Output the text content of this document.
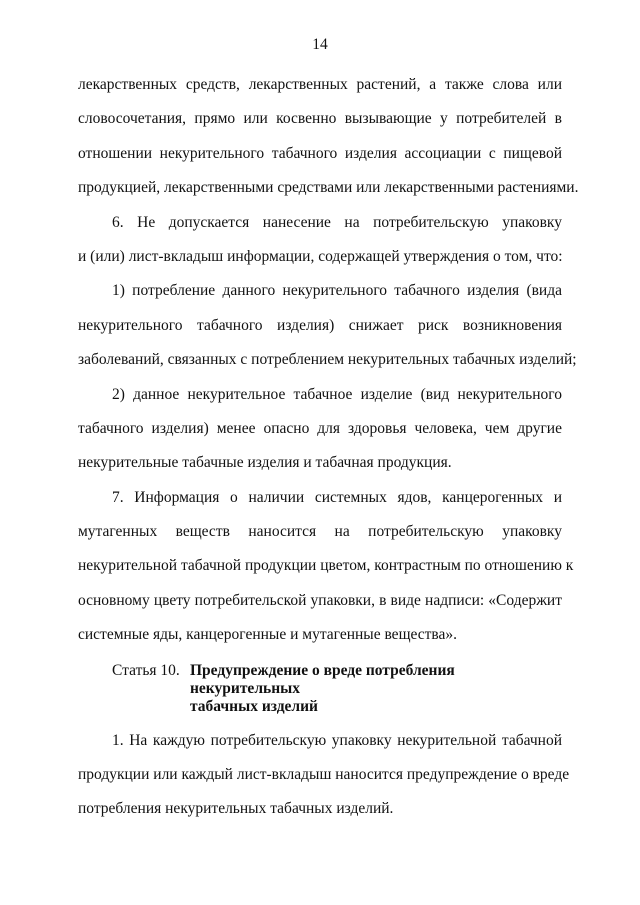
14
лекарственных средств, лекарственных растений, а также слова или
словосочетания, прямо или косвенно вызывающие у потребителей в
отношении некурительного табачного изделия ассоциации с пищевой
продукцией, лекарственными средствами или лекарственными растениями.
6. Не допускается нанесение на потребительскую упаковку
и (или) лист-вкладыш информации, содержащей утверждения о том, что:
1) потребление данного некурительного табачного изделия (вида
некурительного табачного изделия) снижает риск возникновения
заболеваний, связанных с потреблением некурительных табачных изделий;
2) данное некурительное табачное изделие (вид некурительного
табачного изделия) менее опасно для здоровья человека, чем другие
некурительные табачные изделия и табачная продукция.
7. Информация о наличии системных ядов, канцерогенных и
мутагенных веществ наносится на потребительскую упаковку
некурительной табачной продукции цветом, контрастным по отношению к
основному цвету потребительской упаковки, в виде надписи: «Содержит
системные яды, канцерогенные и мутагенные вещества».
Статья 10. Предупреждение о вреде потребления некурительных
табачных изделий
1. На каждую потребительскую упаковку некурительной табачной
продукции или каждый лист-вкладыш наносится предупреждение о вреде
потребления некурительных табачных изделий.
